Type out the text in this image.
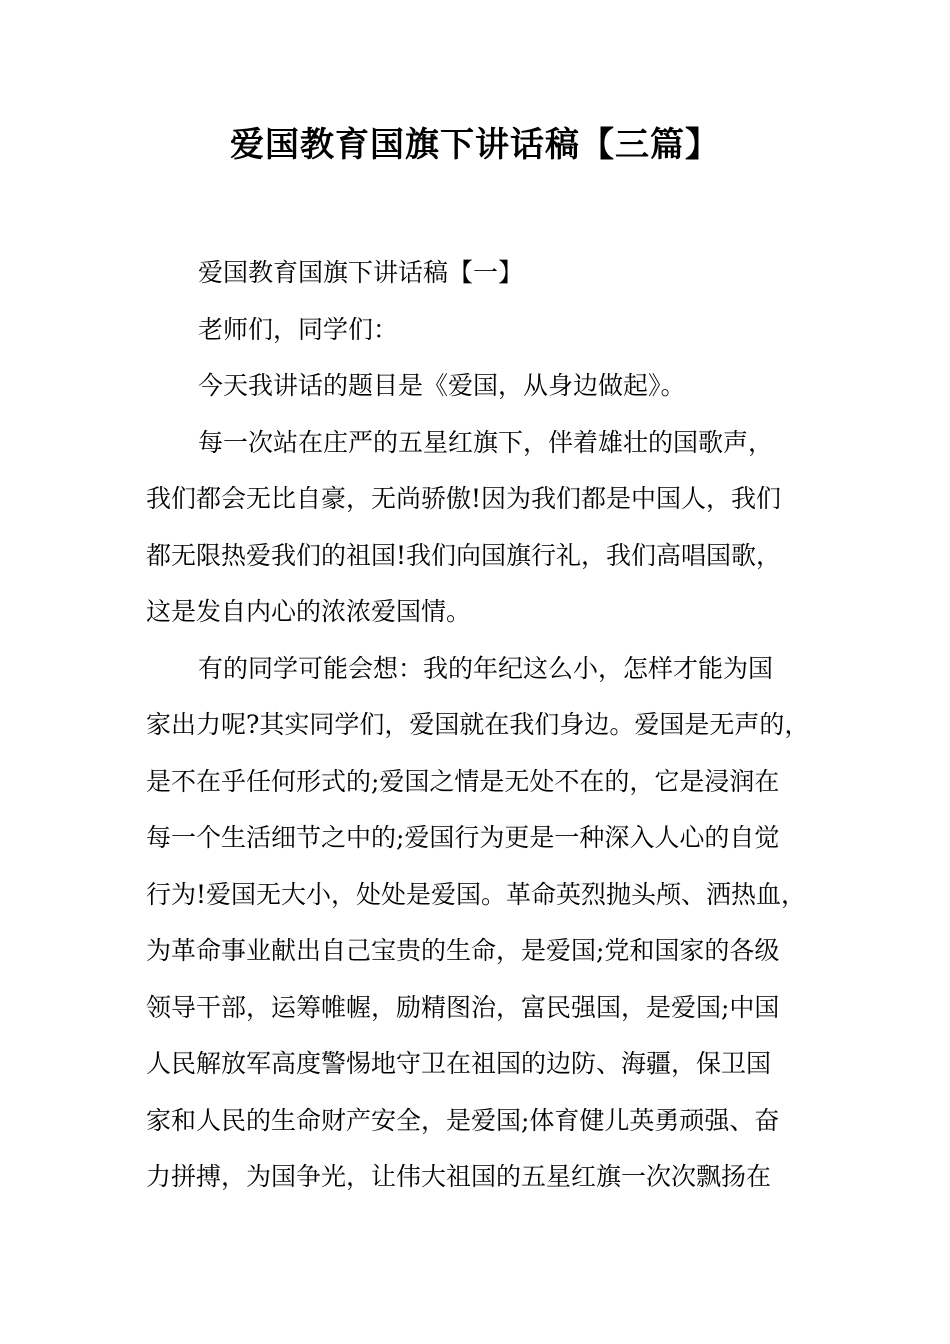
爱国教育国旗下讲话稿【三篇】
爱国教育国旗下讲话稿【一】
老师们，同学们：
今天我讲话的题目是《爱国，从身边做起》。
每一次站在庄严的五星红旗下，伴着雄壮的国歌声，
我们都会无比自豪，无尚骄傲!因为我们都是中国人，我们
都无限热爱我们的祖国!我们向国旗行礼，我们高唱国歌，
这是发自内心的浓浓爱国情。
有的同学可能会想：我的年纪这么小，怎样才能为国
家出力呢?其实同学们，爱国就在我们身边。爱国是无声的，
是不在乎任何形式的;爱国之情是无处不在的，它是浸润在
每一个生活细节之中的;爱国行为更是一种深入人心的自觉
行为!爱国无大小，处处是爱国。革命英烈抛头颅、洒热血，
为革命事业献出自己宝贵的生命，是爱国;党和国家的各级
领导干部，运筹帷幄，励精图治，富民强国，是爱国;中国
人民解放军高度警惕地守卫在祖国的边防、海疆，保卫国
家和人民的生命财产安全，是爱国;体育健儿英勇顽强、奋
力拼搏，为国争光，让伟大祖国的五星红旗一次次飘扬在
